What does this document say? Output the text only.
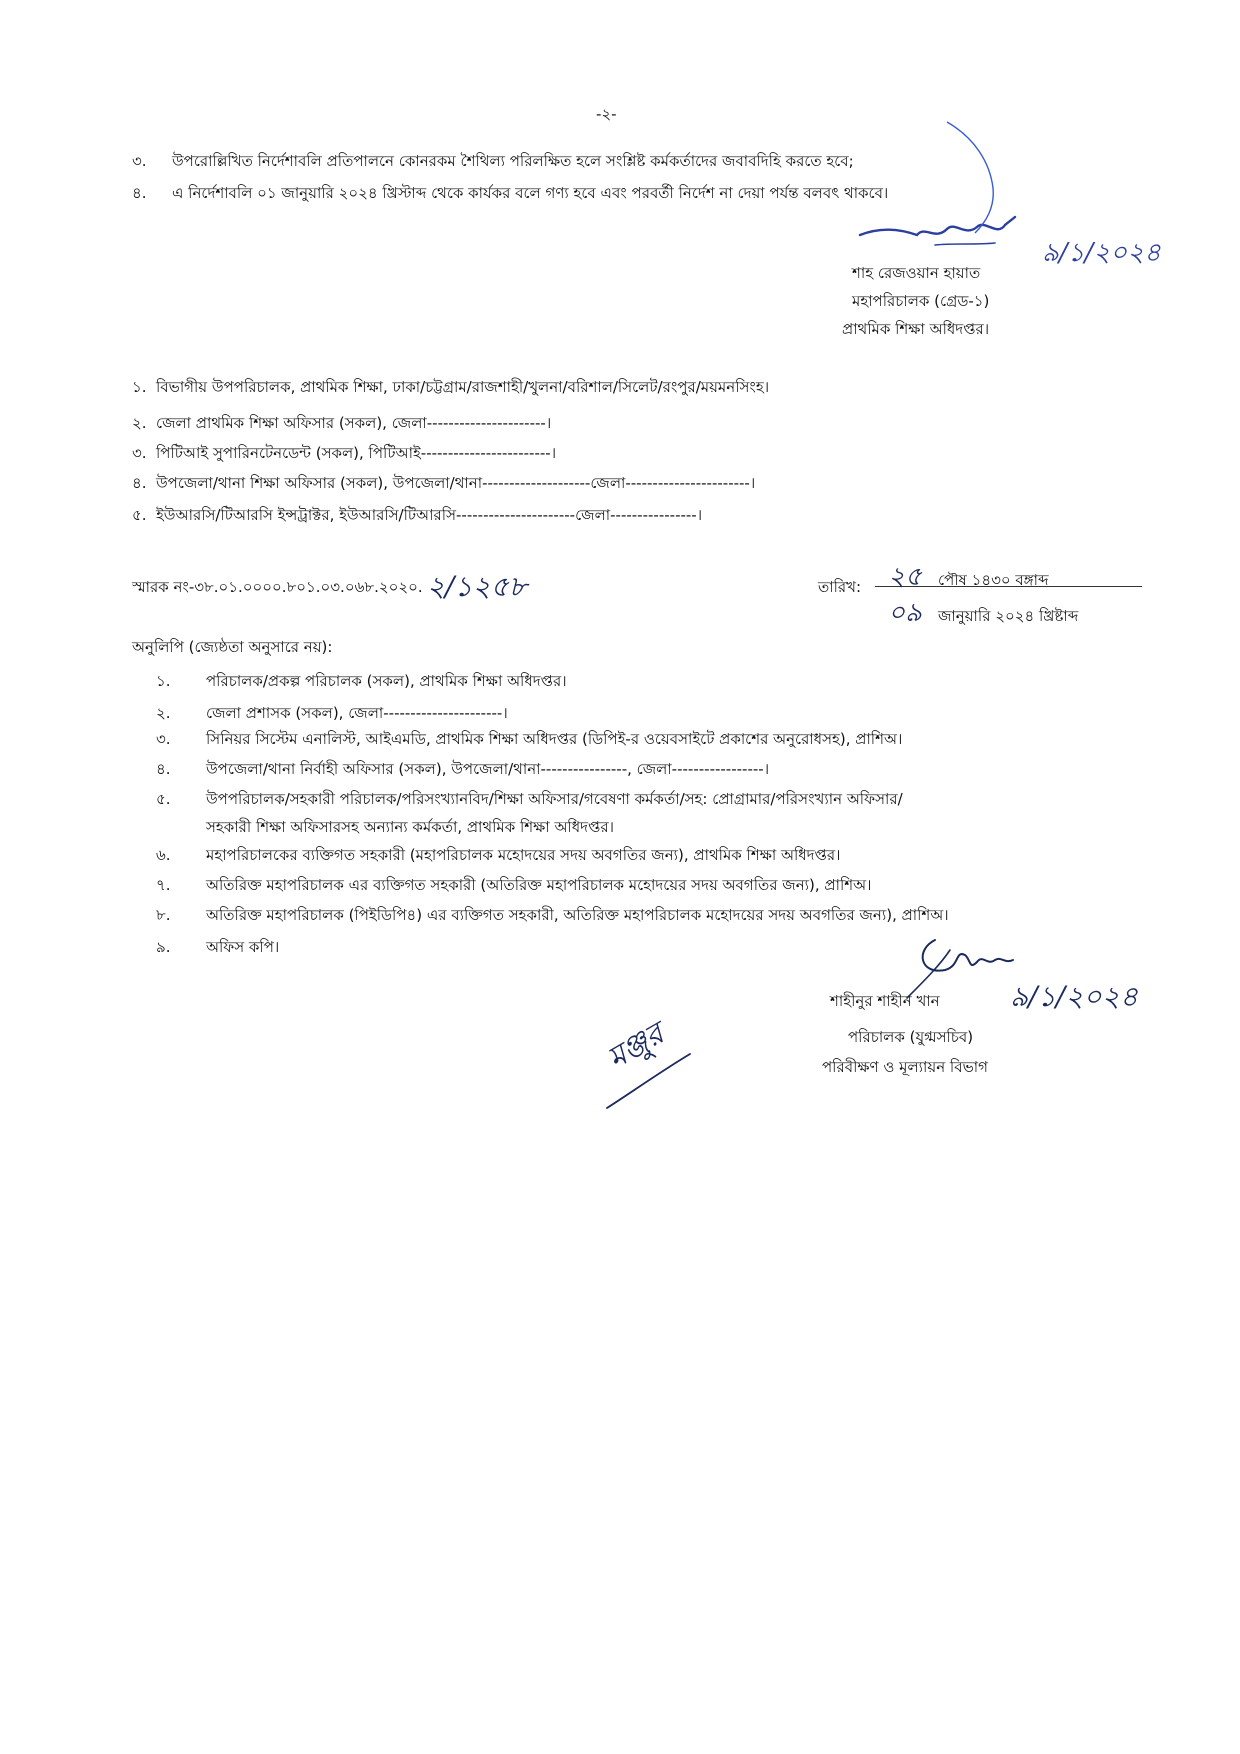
-২-
৩. উপরোল্লিখিত নির্দেশাবলি প্রতিপালনে কোনরকম শৈথিল্য পরিলক্ষিত হলে সংশ্লিষ্ট কর্মকর্তাদের জবাবদিহি করতে হবে;
৪. এ নির্দেশাবলি ০১ জানুয়ারি ২০২৪ খ্রিস্টাব্দ থেকে কার্যকর বলে গণ্য হবে এবং পরবর্তী নির্দেশ না দেয়া পর্যন্ত বলবৎ থাকবে।
৯/১/২০২৪
শাহ রেজওয়ান হায়াত
মহাপরিচালক (গ্রেড-১)
প্রাথমিক শিক্ষা অধিদপ্তর।
১. বিভাগীয় উপপরিচালক, প্রাথমিক শিক্ষা, ঢাকা/চট্টগ্রাম/রাজশাহী/খুলনা/বরিশাল/সিলেট/রংপুর/ময়মনসিংহ।
২. জেলা প্রাথমিক শিক্ষা অফিসার (সকল), জেলা----------------------।
৩. পিটিআই সুপারিনটেনডেন্ট (সকল), পিটিআই------------------------।
৪. উপজেলা/থানা শিক্ষা অফিসার (সকল), উপজেলা/থানা--------------------জেলা-----------------------।
৫. ইউআরসি/টিআরসি ইন্সট্রাক্টর, ইউআরসি/টিআরসি----------------------জেলা----------------।
স্মারক নং-৩৮.০১.০০০০.৮০১.০৩.০৬৮.২০২০. ২/১২৫৮	তারিখ:	২৫ পৌষ ১৪৩০ বঙ্গাব্দ
০৯ জানুয়ারি ২০২৪ খ্রিষ্টাব্দ
অনুলিপি (জ্যেষ্ঠতা অনুসারে নয়):
১. পরিচালক/প্রকল্প পরিচালক (সকল), প্রাথমিক শিক্ষা অধিদপ্তর।
২. জেলা প্রশাসক (সকল), জেলা----------------------।
৩. সিনিয়র সিস্টেম এনালিস্ট, আইএমডি, প্রাথমিক শিক্ষা অধিদপ্তর (ডিপিই-র ওয়েবসাইটে প্রকাশের অনুরোধসহ), প্রাশিঅ।
৪. উপজেলা/থানা নির্বাহী অফিসার (সকল), উপজেলা/থানা----------------, জেলা-----------------।
৫. উপপরিচালক/সহকারী পরিচালক/পরিসংখ্যানবিদ/শিক্ষা অফিসার/গবেষণা কর্মকর্তা/সহ: প্রোগ্রামার/পরিসংখ্যান অফিসার/
সহকারী শিক্ষা অফিসারসহ অন্যান্য কর্মকর্তা, প্রাথমিক শিক্ষা অধিদপ্তর।
৬. মহাপরিচালকের ব্যক্তিগত সহকারী (মহাপরিচালক মহোদয়ের সদয় অবগতির জন্য), প্রাথমিক শিক্ষা অধিদপ্তর।
৭. অতিরিক্ত মহাপরিচালক এর ব্যক্তিগত সহকারী (অতিরিক্ত মহাপরিচালক মহোদয়ের সদয় অবগতির জন্য), প্রাশিঅ।
৮. অতিরিক্ত মহাপরিচালক (পিইডিপি৪) এর ব্যক্তিগত সহকারী, অতিরিক্ত মহাপরিচালক মহোদয়ের সদয় অবগতির জন্য), প্রাশিঅ।
৯. অফিস কপি।
৯/১/২০২৪
শাহীনুর শাহীন খান
পরিচালক (যুগ্মসচিব)
পরিবীক্ষণ ও মূল্যায়ন বিভাগ
মঞ্জুর
